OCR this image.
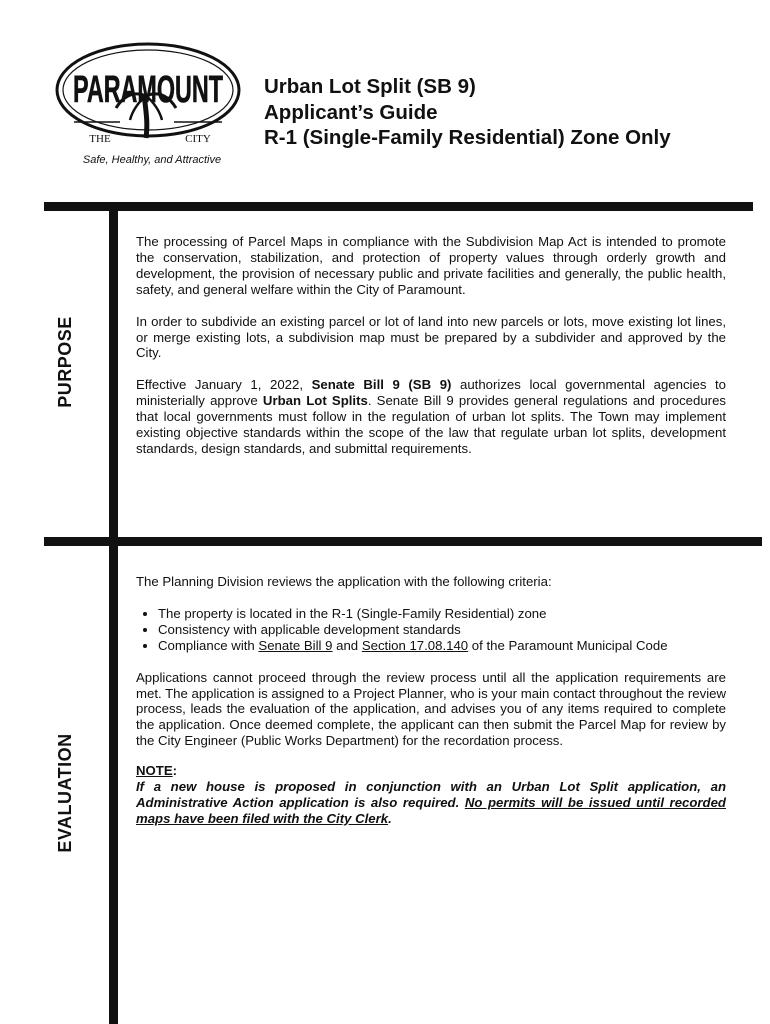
PARAMOUNT
THE	CITY
Safe, Healthy, and Attractive
Urban Lot Split (SB 9)
Applicant’s Guide
R-1 (Single-Family Residential) Zone Only
PURPOSE

The processing of Parcel Maps in compliance with the Subdivision Map Act is intended to promote the conservation, stabilization, and protection of property values through orderly growth and development, the provision of necessary public and private facilities and generally, the public health, safety, and general welfare within the City of Paramount.

In order to subdivide an existing parcel or lot of land into new parcels or lots, move existing lot lines, or merge existing lots, a subdivision map must be prepared by a subdivider and approved by the City.

Effective January 1, 2022, Senate Bill 9 (SB 9) authorizes local governmental agencies to ministerially approve Urban Lot Splits. Senate Bill 9 provides general regulations and procedures that local governments must follow in the regulation of urban lot splits. The Town may implement existing objective standards within the scope of the law that regulate urban lot splits, development standards, design standards, and submittal requirements.

EVALUATION

The Planning Division reviews the application with the following criteria:

• The property is located in the R-1 (Single-Family Residential) zone
• Consistency with applicable development standards
• Compliance with Senate Bill 9 and Section 17.08.140 of the Paramount Municipal Code

Applications cannot proceed through the review process until all the application requirements are met. The application is assigned to a Project Planner, who is your main contact throughout the review process, leads the evaluation of the application, and advises you of any items required to complete the application. Once deemed complete, the applicant can then submit the Parcel Map for review by the City Engineer (Public Works Department) for the recordation process.

NOTE:
If a new house is proposed in conjunction with an Urban Lot Split application, an Administrative Action application is also required. No permits will be issued until recorded maps have been filed with the City Clerk.
